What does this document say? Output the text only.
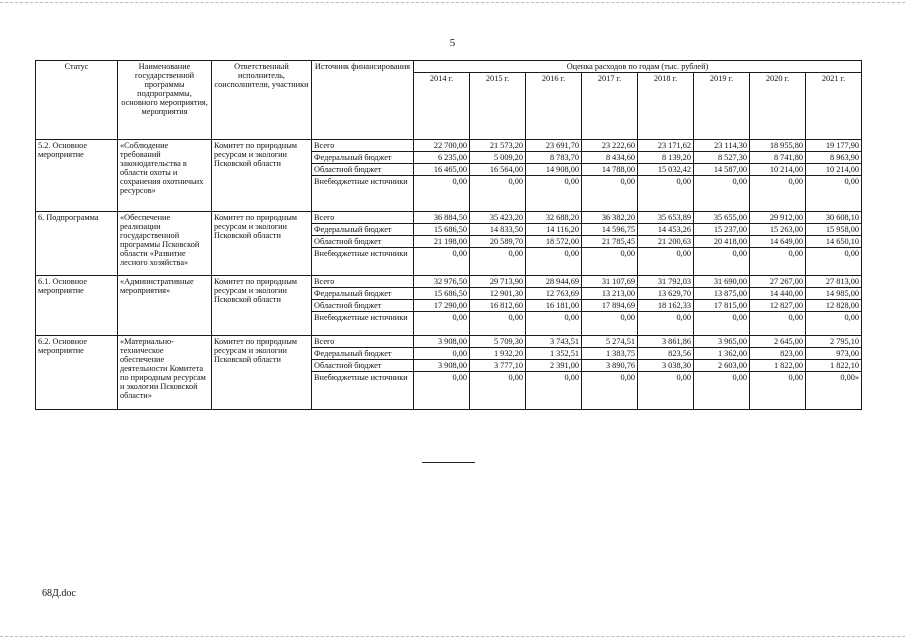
5
Статус	Наименование государственной программы подпрограммы, основного мероприятия, мероприятия	Ответственный исполнитель, соисполнители, участники	Источник финансирования	Оценка расходов по годам (тыс. рублей)							
				2014 г.	2015 г.	2016 г.	2017 г.	2018 г.	2019 г.	2020 г.	2021 г.
5.2. Основное мероприятие	«Соблюдение требований законодательства в области охоты и сохранения охотничьих ресурсов»	Комитет по природным ресурсам и экологии Псковской области	Всего	22 700,00	21 573,20	23 691,70	23 222,60	23 171,62	23 114,30	18 955,80	19 177,90
			Федеральный бюджет	6 235,00	5 009,20	8 783,70	8 434,60	8 139,20	8 527,30	8 741,80	8 963,90
			Областной бюджет	16 465,00	16 564,00	14 908,00	14 788,00	15 032,42	14 587,00	10 214,00	10 214,00
			Внебюджетные источники	0,00	0,00	0,00	0,00	0,00	0,00	0,00	0,00
6. Подпрограмма	«Обеспечение реализации государственной программы Псковской области «Развитие лесного хозяйства»	Комитет по природным ресурсам и экологии Псковской области	Всего	36 884,50	35 423,20	32 688,20	36 382,20	35 653,89	35 655,00	29 912,00	30 608,10
			Федеральный бюджет	15 686,50	14 833,50	14 116,20	14 596,75	14 453,26	15 237,00	15 263,00	15 958,00
			Областной бюджет	21 198,00	20 589,70	18 572,00	21 785,45	21 200,63	20 418,00	14 649,00	14 650,10
			Внебюджетные источники	0,00	0,00	0,00	0,00	0,00	0,00	0,00	0,00
6.1. Основное мероприятие	«Административные мероприятия»	Комитет по природным ресурсам и экологии Псковской области	Всего	32 976,50	29 713,90	28 944,69	31 107,69	31 792,03	31 690,00	27 267,00	27 813,00
			Федеральный бюджет	15 686,50	12 901,30	12 763,69	13 213,00	13 629,70	13 875,00	14 440,00	14 985,00
			Областной бюджет	17 290,00	16 812,60	16 181,00	17 894,69	18 162,33	17 815,00	12 827,00	12 828,00
			Внебюджетные источники	0,00	0,00	0,00	0,00	0,00	0,00	0,00	0,00
6.2. Основное мероприятие	«Материально-техническое обеспечение деятельности Комитета по природным ресурсам и экологии Псковской области»	Комитет по природным ресурсам и экологии Псковской области	Всего	3 908,00	5 709,30	3 743,51	5 274,51	3 861,86	3 965,00	2 645,00	2 795,10
			Федеральный бюджет	0,00	1 932,20	1 352,51	1 383,75	823,56	1 362,00	823,00	973,00
			Областной бюджет	3 908,00	3 777,10	2 391,00	3 890,76	3 038,30	2 603,00	1 822,00	1 822,10
			Внебюджетные источники	0,00	0,00	0,00	0,00	0,00	0,00	0,00	0,00»
68Д.doc
